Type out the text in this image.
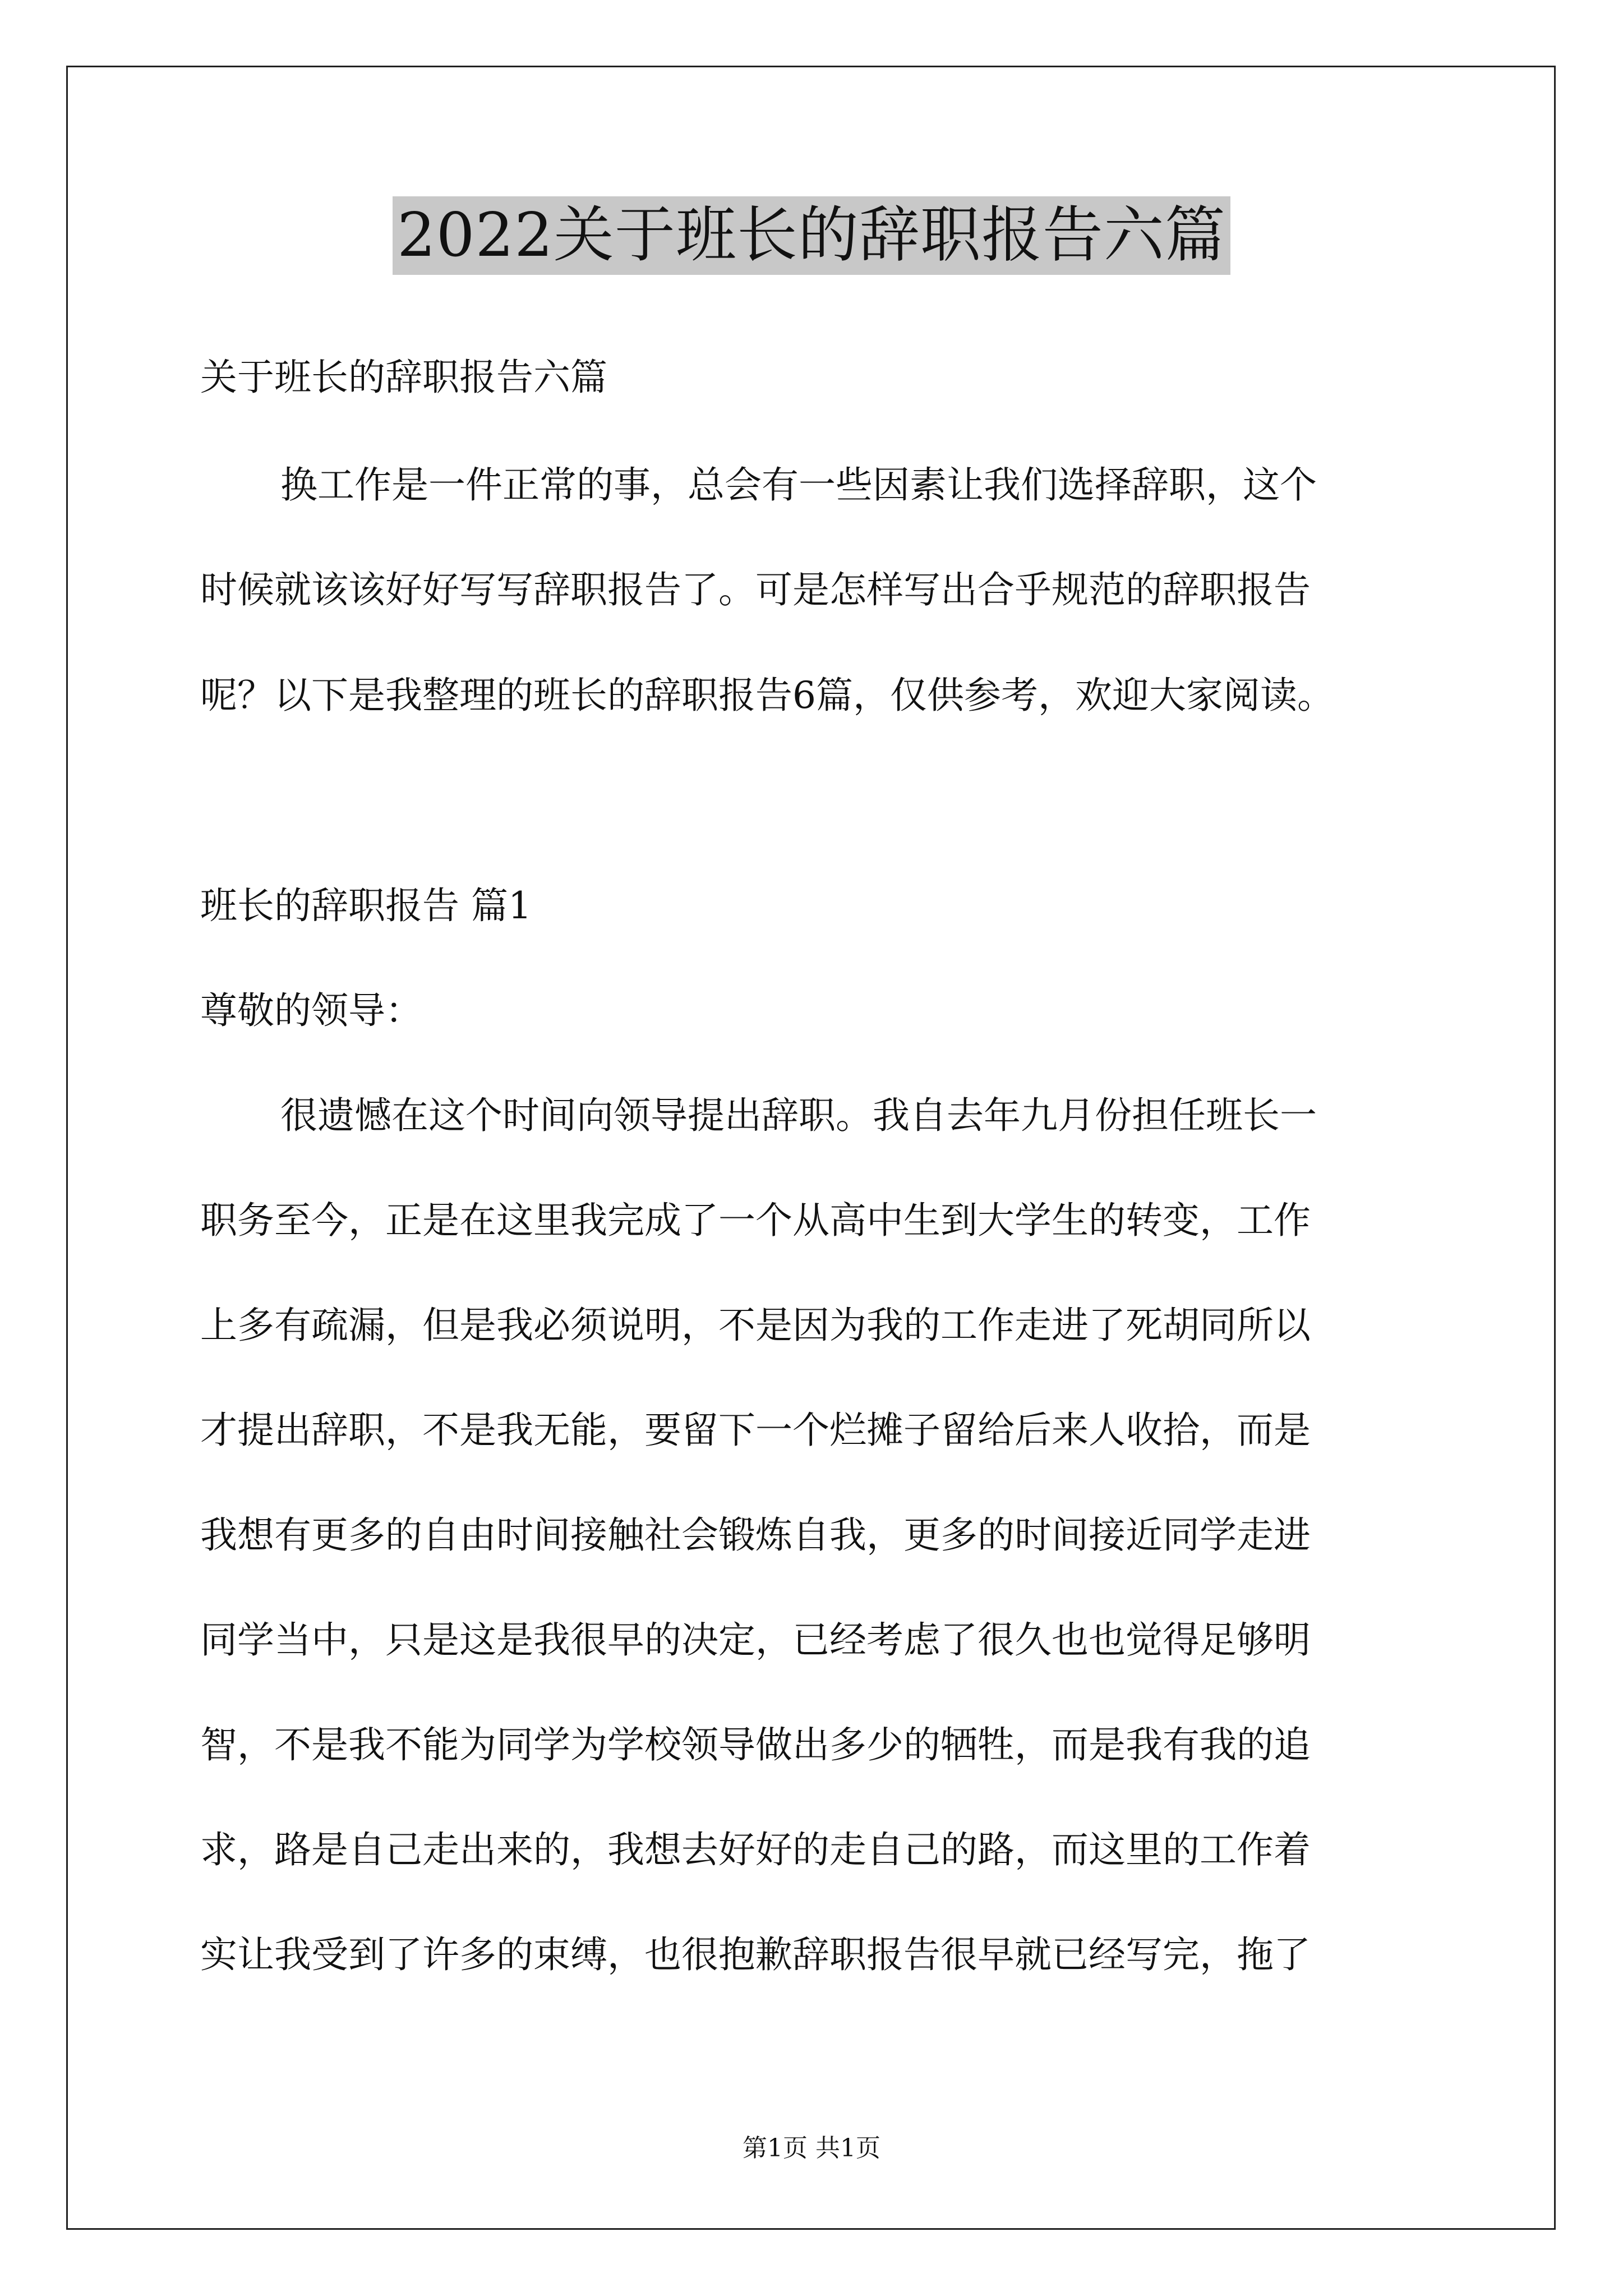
2022关于班长的辞职报告六篇
关于班长的辞职报告六篇
换工作是一件正常的事，总会有一些因素让我们选择辞职，这个
时候就该该好好写写辞职报告了。可是怎样写出合乎规范的辞职报告
呢？以下是我整理的班长的辞职报告6篇，仅供参考，欢迎大家阅读。
班长的辞职报告 篇1
尊敬的领导：
很遗憾在这个时间向领导提出辞职。我自去年九月份担任班长一
职务至今，正是在这里我完成了一个从高中生到大学生的转变，工作
上多有疏漏，但是我必须说明，不是因为我的工作走进了死胡同所以
才提出辞职，不是我无能，要留下一个烂摊子留给后来人收拾，而是
我想有更多的自由时间接触社会锻炼自我，更多的时间接近同学走进
同学当中，只是这是我很早的决定，已经考虑了很久也也觉得足够明
智，不是我不能为同学为学校领导做出多少的牺牲，而是我有我的追
求，路是自己走出来的，我想去好好的走自己的路，而这里的工作着
实让我受到了许多的束缚，也很抱歉辞职报告很早就已经写完，拖了
第1页 共1页
